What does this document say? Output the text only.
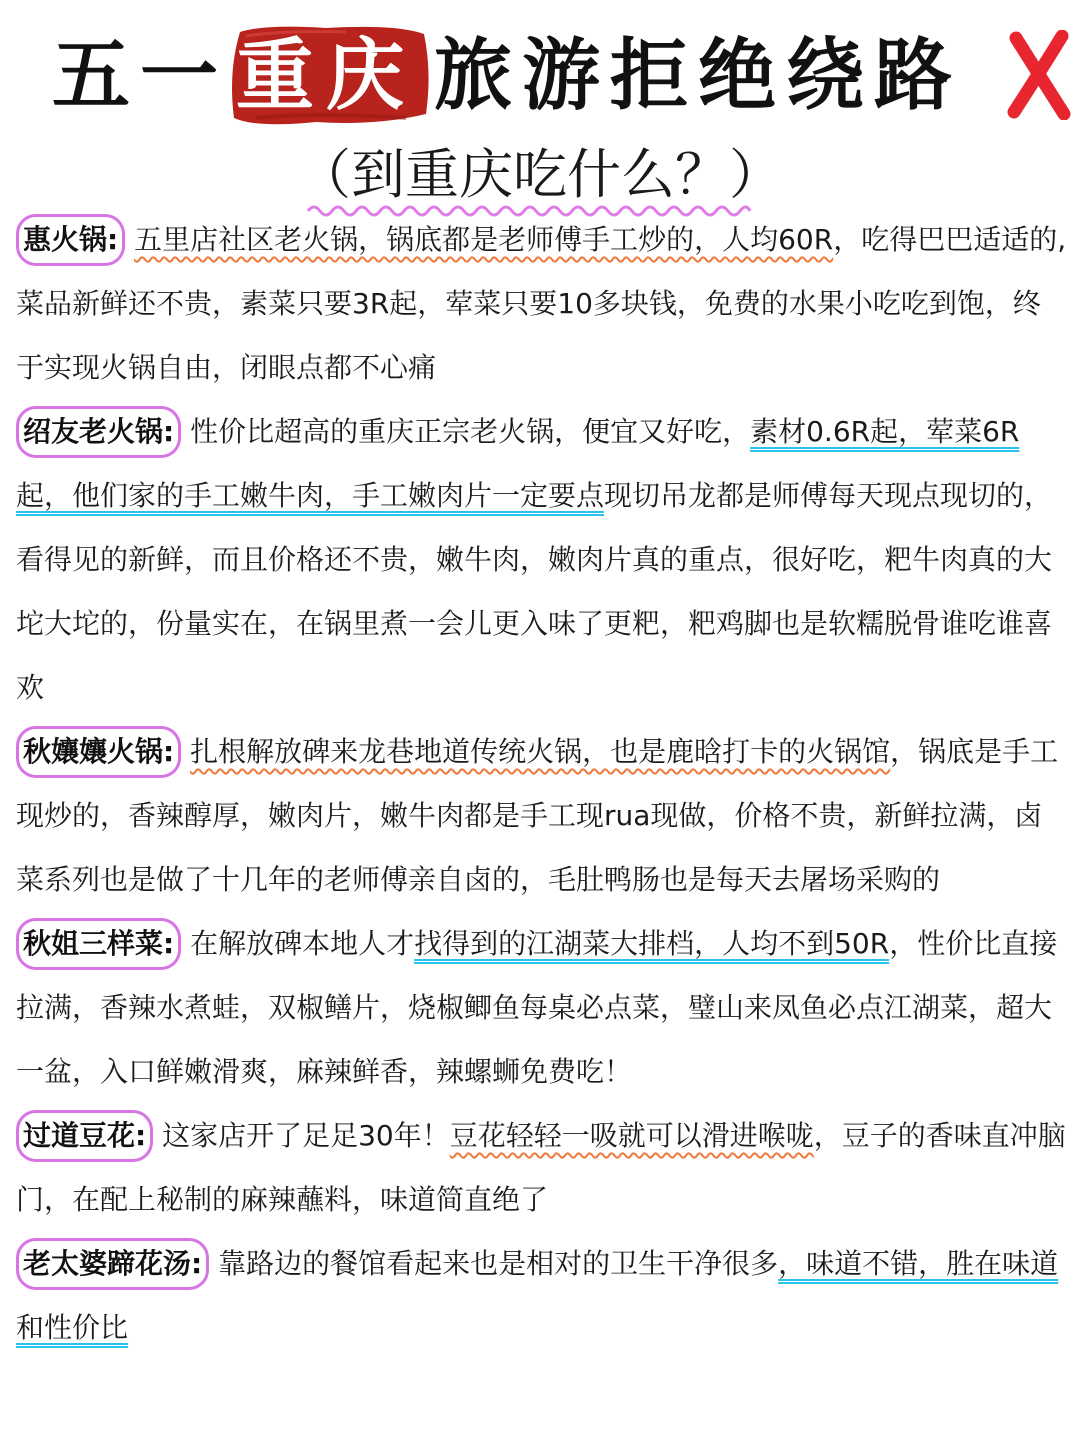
五一 重庆 旅游拒绝绕路
（到重庆吃什么？）

惠火锅: 五里店社区老火锅，锅底都是老师傅手工炒的，人均60R，吃得巴巴适适的,菜品新鲜还不贵，素菜只要3R起，荤菜只要10多块钱，免费的水果小吃吃到饱，终于实现火锅自由，闭眼点都不心痛

绍友老火锅: 性价比超高的重庆正宗老火锅，便宜又好吃，素材0.6R起，荤菜6R起，他们家的手工嫩牛肉，手工嫩肉片一定要点现切吊龙都是师傅每天现点现切的，看得见的新鲜，而且价格还不贵，嫩牛肉，嫩肉片真的重点，很好吃，粑牛肉真的大坨大坨的，份量实在，在锅里煮一会儿更入味了更粑，粑鸡脚也是软糯脱骨谁吃谁喜欢

秋孃孃火锅: 扎根解放碑来龙巷地道传统火锅，也是鹿晗打卡的火锅馆，锅底是手工现炒的，香辣醇厚，嫩肉片，嫩牛肉都是手工现rua现做，价格不贵，新鲜拉满，卤菜系列也是做了十几年的老师傅亲自卤的，毛肚鸭肠也是每天去屠场采购的

秋姐三样菜: 在解放碑本地人才找得到的江湖菜大排档，人均不到50R，性价比直接拉满，香辣水煮蛙，双椒鳝片，烧椒鲫鱼每桌必点菜，璧山来凤鱼必点江湖菜，超大一盆，入口鲜嫩滑爽，麻辣鲜香，辣螺蛳免费吃！

过道豆花: 这家店开了足足30年！豆花轻轻一吸就可以滑进喉咙，豆子的香味直冲脑门，在配上秘制的麻辣蘸料，味道简直绝了

老太婆蹄花汤: 靠路边的餐馆看起来也是相对的卫生干净很多，味道不错，胜在味道和性价比
